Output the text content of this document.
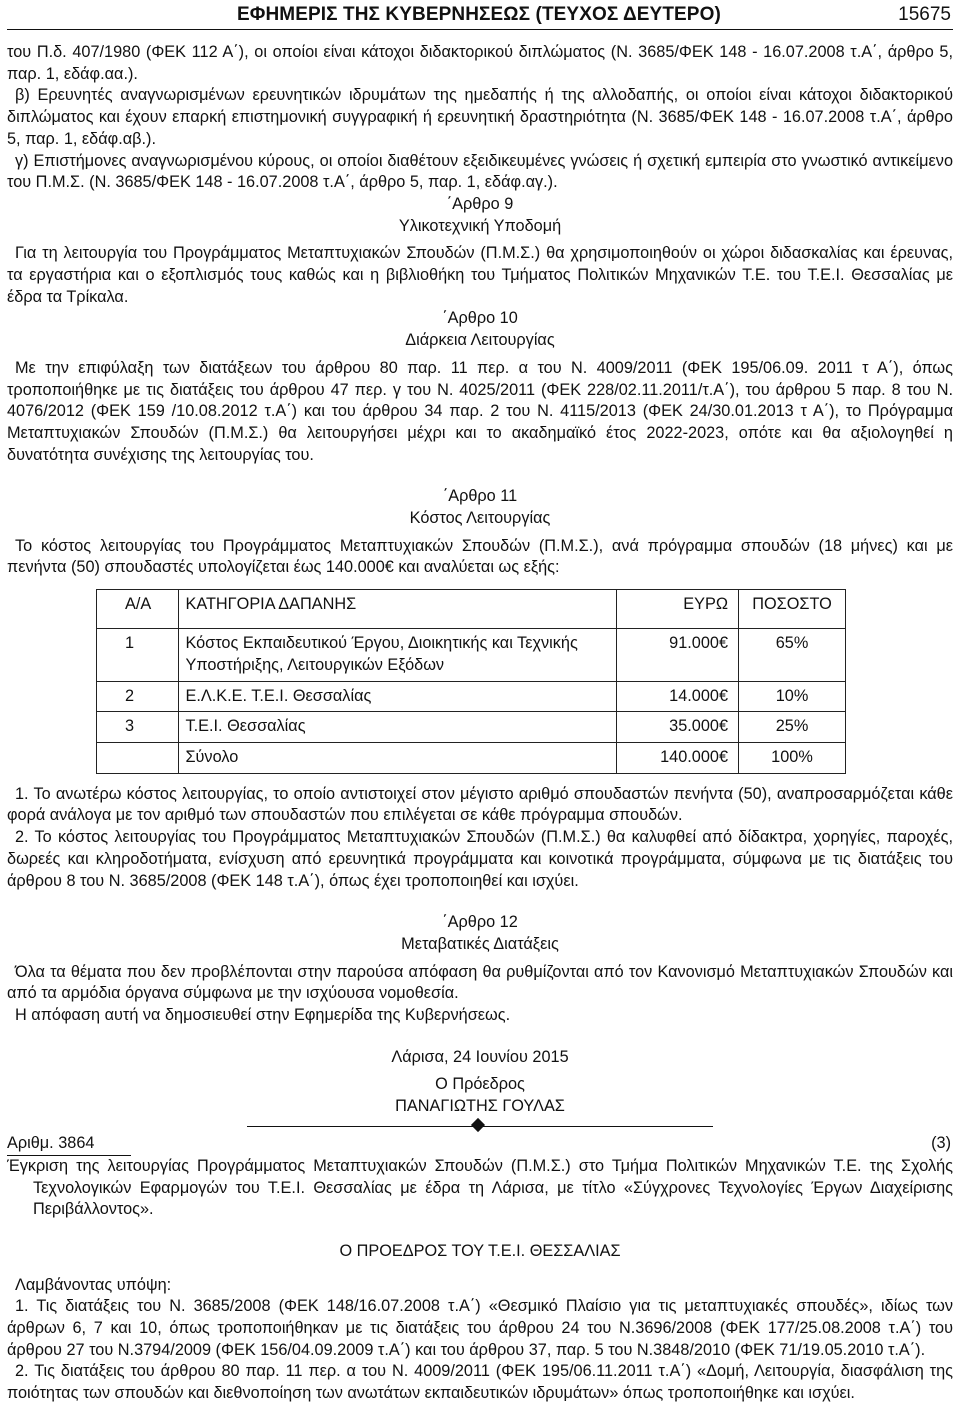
ΕΦΗΜΕΡΙΣ ΤΗΣ ΚΥΒΕΡΝΗΣΕΩΣ (ΤΕΥΧΟΣ ΔΕΥΤΕΡΟ)	15675

του Π.δ. 407/1980 (ΦΕΚ 112 Α΄), οι οποίοι είναι κάτοχοι διδακτορικού διπλώματος (Ν. 3685/ΦΕΚ 148 - 16.07.2008 τ.Α΄, άρθρο 5, παρ. 1, εδάφ.αα.).

β) Ερευνητές αναγνωρισμένων ερευνητικών ιδρυμάτων της ημεδαπής ή της αλλοδαπής, οι οποίοι είναι κάτοχοι διδακτορικού διπλώματος και έχουν επαρκή επιστημονική συγγραφική ή ερευνητική δραστηριότητα (Ν. 3685/ΦΕΚ 148 - 16.07.2008 τ.Α΄, άρθρο 5, παρ. 1, εδάφ.αβ.).

γ) Επιστήμονες αναγνωρισμένου κύρους, οι οποίοι διαθέτουν εξειδικευμένες γνώσεις ή σχετική εμπειρία στο γνωστικό αντικείμενο του Π.Μ.Σ. (Ν. 3685/ΦΕΚ 148 - 16.07.2008 τ.Α΄, άρθρο 5, παρ. 1, εδάφ.αγ.).

΄Αρθρο 9

Υλικοτεχνική Υποδομή

Για τη λειτουργία του Προγράμματος Μεταπτυχιακών Σπουδών (Π.Μ.Σ.) θα χρησιμοποιηθούν οι χώροι διδασκαλίας και έρευνας, τα εργαστήρια και ο εξοπλισμός τους καθώς και η βιβλιοθήκη του Τμήματος Πολιτικών Μηχανικών Τ.Ε. του Τ.Ε.Ι. Θεσσαλίας με έδρα τα Τρίκαλα.

΄Αρθρο 10

Διάρκεια Λειτουργίας

Με την επιφύλαξη των διατάξεων του άρθρου 80 παρ. 11 περ. α του Ν. 4009/2011 (ΦΕΚ 195/06.09. 2011 τ Α΄), όπως τροποποιήθηκε με τις διατάξεις του άρθρου 47 περ. γ του Ν. 4025/2011 (ΦΕΚ 228/02.11.2011/τ.Α΄), του άρθρου 5 παρ. 8 του Ν. 4076/2012 (ΦΕΚ 159 /10.08.2012 τ.Α΄) και του άρθρου 34 παρ. 2 του Ν. 4115/2013 (ΦΕΚ 24/30.01.2013 τ Α΄), το Πρόγραμμα Μεταπτυχιακών Σπουδών (Π.Μ.Σ.) θα λειτουργήσει μέχρι και το ακαδημαϊκό έτος 2022-2023, οπότε και θα αξιολογηθεί η δυνατότητα συνέχισης της λειτουργίας του.

΄Αρθρο 11

Κόστος Λειτουργίας

Το κόστος λειτουργίας του Προγράμματος Μεταπτυχιακών Σπουδών (Π.Μ.Σ.), ανά πρόγραμμα σπουδών (18 μήνες) και με πενήντα (50) σπουδαστές υπολογίζεται έως 140.000€ και αναλύεται ως εξής:

Α/Α	ΚΑΤΗΓΟΡΙΑ ΔΑΠΑΝΗΣ	ΕΥΡΩ	ΠΟΣΟΣΤΟ
1	Κόστος Εκπαιδευτικού Έργου, Διοικητικής και Τεχνικής Υποστήριξης, Λειτουργικών Εξόδων	91.000€	65%
2	Ε.Λ.Κ.Ε. Τ.Ε.Ι. Θεσσαλίας	14.000€	10%
3	Τ.Ε.Ι. Θεσσαλίας	35.000€	25%
	Σύνολο	140.000€	100%

1. Το ανωτέρω κόστος λειτουργίας, το οποίο αντιστοιχεί στον μέγιστο αριθμό σπουδαστών πενήντα (50), αναπροσαρμόζεται κάθε φορά ανάλογα με τον αριθμό των σπουδαστών που επιλέγεται σε κάθε πρόγραμμα σπουδών.

2. Το κόστος λειτουργίας του Προγράμματος Μεταπτυχιακών Σπουδών (Π.Μ.Σ.) θα καλυφθεί από δίδακτρα, χορηγίες, παροχές, δωρεές και κληροδοτήματα, ενίσχυση από ερευνητικά προγράμματα και κοινοτικά προγράμματα, σύμφωνα με τις διατάξεις του άρθρου 8 του Ν. 3685/2008 (ΦΕΚ 148 τ.Α΄), όπως έχει τροποποιηθεί και ισχύει.

΄Αρθρο 12

Μεταβατικές Διατάξεις

Όλα τα θέματα που δεν προβλέπονται στην παρούσα απόφαση θα ρυθμίζονται από τον Κανονισμό Μεταπτυχιακών Σπουδών και από τα αρμόδια όργανα σύμφωνα με την ισχύουσα νομοθεσία.

Η απόφαση αυτή να δημοσιευθεί στην Εφημερίδα της Κυβερνήσεως.

Λάρισα, 24 Ιουνίου 2015

Ο Πρόεδρος

ΠΑΝΑΓΙΩΤΗΣ ΓΟΥΛΑΣ

Αριθμ. 3864	(3)

Έγκριση της λειτουργίας Προγράμματος Μεταπτυχιακών Σπουδών (Π.Μ.Σ.) στο Τμήμα Πολιτικών Μηχανικών Τ.Ε. της Σχολής Τεχνολογικών Εφαρμογών του Τ.Ε.Ι. Θεσσαλίας με έδρα τη Λάρισα, με τίτλο «Σύγχρονες Τεχνολογίες Έργων Διαχείρισης Περιβάλλοντος».

Ο ΠΡΟΕΔΡΟΣ ΤΟΥ Τ.Ε.Ι. ΘΕΣΣΑΛΙΑΣ

Λαμβάνοντας υπόψη:

1. Τις διατάξεις του Ν. 3685/2008 (ΦΕΚ 148/16.07.2008 τ.Α΄) «Θεσμικό Πλαίσιο για τις μεταπτυχιακές σπουδές», ιδίως των άρθρων 6, 7 και 10, όπως τροποποιήθηκαν με τις διατάξεις του άρθρου 24 του Ν.3696/2008 (ΦΕΚ 177/25.08.2008 τ.Α΄) του άρθρου 27 του Ν.3794/2009 (ΦΕΚ 156/04.09.2009 τ.Α΄) και του άρθρου 37, παρ. 5 του Ν.3848/2010 (ΦΕΚ 71/19.05.2010 τ.Α΄).

2. Τις διατάξεις του άρθρου 80 παρ. 11 περ. α του Ν. 4009/2011 (ΦΕΚ 195/06.11.2011 τ.Α΄) «Δομή, Λειτουργία, διασφάλιση της ποιότητας των σπουδών και διεθνοποίηση των ανωτάτων εκπαιδευτικών ιδρυμάτων» όπως τροποποιήθηκε και ισχύει.
